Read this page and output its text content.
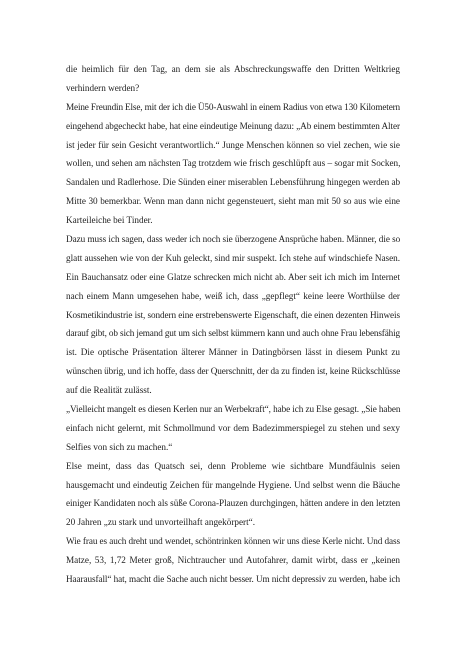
die heimlich für den Tag, an dem sie als Abschreckungswaffe den Dritten Weltkrieg
verhindern werden?
Meine Freundin Else, mit der ich die Ü50-Auswahl in einem Radius von etwa 130 Kilometern
eingehend abgecheckt habe, hat eine eindeutige Meinung dazu: „Ab einem bestimmten Alter
ist jeder für sein Gesicht verantwortlich.“ Junge Menschen können so viel zechen, wie sie
wollen, und sehen am nächsten Tag trotzdem wie frisch geschlüpft aus – sogar mit Socken,
Sandalen und Radlerhose. Die Sünden einer miserablen Lebensführung hingegen werden ab
Mitte 30 bemerkbar. Wenn man dann nicht gegensteuert, sieht man mit 50 so aus wie eine
Karteileiche bei Tinder.
Dazu muss ich sagen, dass weder ich noch sie überzogene Ansprüche haben. Männer, die so
glatt aussehen wie von der Kuh geleckt, sind mir suspekt. Ich stehe auf windschiefe Nasen.
Ein Bauchansatz oder eine Glatze schrecken mich nicht ab. Aber seit ich mich im Internet
nach einem Mann umgesehen habe, weiß ich, dass „gepflegt“ keine leere Worthülse der
Kosmetikindustrie ist, sondern eine erstrebenswerte Eigenschaft, die einen dezenten Hinweis
darauf gibt, ob sich jemand gut um sich selbst kümmern kann und auch ohne Frau lebensfähig
ist. Die optische Präsentation älterer Männer in Datingbörsen lässt in diesem Punkt zu
wünschen übrig, und ich hoffe, dass der Querschnitt, der da zu finden ist, keine Rückschlüsse
auf die Realität zulässt.
„Vielleicht mangelt es diesen Kerlen nur an Werbekraft“, habe ich zu Else gesagt. „Sie haben
einfach nicht gelernt, mit Schmollmund vor dem Badezimmerspiegel zu stehen und sexy
Selfies von sich zu machen.“
Else meint, dass das Quatsch sei, denn Probleme wie sichtbare Mundfäulnis seien
hausgemacht und eindeutig Zeichen für mangelnde Hygiene. Und selbst wenn die Bäuche
einiger Kandidaten noch als süße Corona-Plauzen durchgingen, hätten andere in den letzten
20 Jahren „zu stark und unvorteilhaft angekörpert“.
Wie frau es auch dreht und wendet, schöntrinken können wir uns diese Kerle nicht. Und dass
Matze, 53, 1,72 Meter groß, Nichtraucher und Autofahrer, damit wirbt, dass er „keinen
Haarausfall“ hat, macht die Sache auch nicht besser. Um nicht depressiv zu werden, habe ich
